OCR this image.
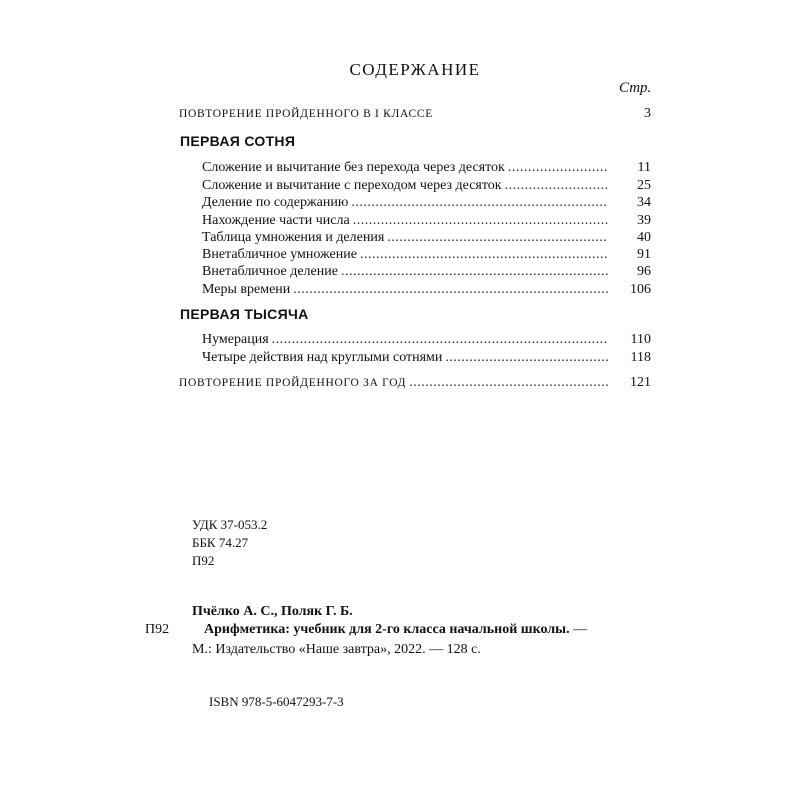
СОДЕРЖАНИЕ
Стр.
ПОВТОРЕНИЕ ПРОЙДЕННОГО В I КЛАССЕ	3
ПЕРВАЯ СОТНЯ
Сложение и вычитание без перехода через десяток .....	11
Сложение и вычитание с переходом через десяток .....	25
Деление по содержанию .....	34
Нахождение части числа .....	39
Таблица умножения и деления .....	40
Внетабличное умножение .....	91
Внетабличное деление .....	96
Меры времени .....	106
ПЕРВАЯ ТЫСЯЧА
Нумерация .....	110
Четыре действия над круглыми сотнями .....	118
ПОВТОРЕНИЕ ПРОЙДЕННОГО ЗА ГОД .....	121
УДК 37-053.2
ББК 74.27
П92
Пчёлко А. С., Поляк Г. Б.
П92 Арифметика: учебник для 2-го класса начальной школы. —
М.: Издательство «Наше завтра», 2022. — 128 с.
ISBN 978-5-6047293-7-3
